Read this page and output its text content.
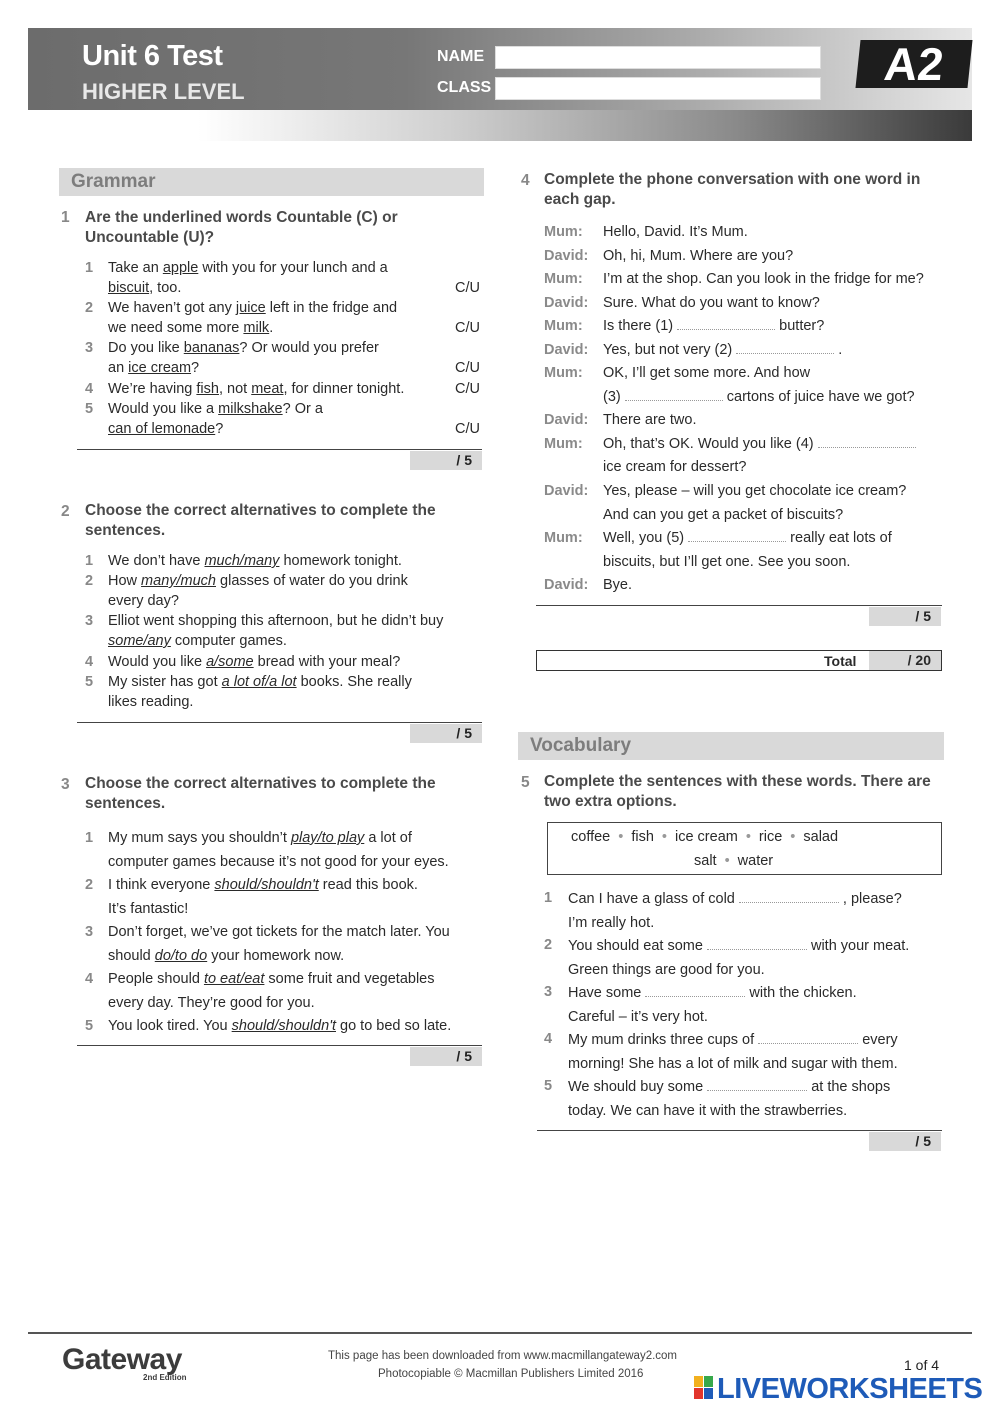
Unit 6 Test
HIGHER LEVEL
NAME
CLASS	A2
Grammar
1 Are the underlined words Countable (C) or Uncountable (U)?
1 Take an apple with you for your lunch and a
biscuit, too.	C/U
2 We haven’t got any juice left in the fridge and
we need some more milk.	C/U
3 Do you like bananas? Or would you prefer
an ice cream?	C/U
4 We’re having fish, not meat, for dinner tonight.	C/U
5 Would you like a milkshake? Or a
can of lemonade?	C/U
/ 5
2 Choose the correct alternatives to complete the sentences.
1 We don’t have much/many homework tonight.
2 How many/much glasses of water do you drink
every day?
3 Elliot went shopping this afternoon, but he didn’t buy
some/any computer games.
4 Would you like a/some bread with your meal?
5 My sister has got a lot of/a lot books. She really
likes reading.
/ 5
3 Choose the correct alternatives to complete the sentences.
1 My mum says you shouldn’t play/to play a lot of
computer games because it’s not good for your eyes.
2 I think everyone should/shouldn't read this book.
It’s fantastic!
3 Don’t forget, we’ve got tickets for the match later. You
should do/to do your homework now.
4 People should to eat/eat some fruit and vegetables
every day. They’re good for you.
5 You look tired. You should/shouldn't go to bed so late.
/ 5
4 Complete the phone conversation with one word in each gap.
Mum: Hello, David. It’s Mum.
David: Oh, hi, Mum. Where are you?
Mum: I’m at the shop. Can you look in the fridge for me?
David: Sure. What do you want to know?
Mum: Is there (1)	butter?
David: Yes, but not very (2)	.
Mum: OK, I’ll get some more. And how
(3)	cartons of juice have we got?
David: There are two.
Mum: Oh, that’s OK. Would you like (4)
ice cream for dessert?
David: Yes, please – will you get chocolate ice cream?
And can you get a packet of biscuits?
Mum: Well, you (5)	really eat lots of
biscuits, but I’ll get one. See you soon.
David: Bye.
/ 5
Total	/ 20
Vocabulary
5 Complete the sentences with these words. There are two extra options.
coffee • fish • ice cream • rice • salad
salt • water
1 Can I have a glass of cold	, please?
I’m really hot.
2 You should eat some	with your meat.
Green things are good for you.
3 Have some	with the chicken.
Careful – it’s very hot.
4 My mum drinks three cups of	every
morning! She has a lot of milk and sugar with them.
5 We should buy some	at the shops
today. We can have it with the strawberries.
/ 5
Gateway
2nd Edition
This page has been downloaded from www.macmillangateway2.com
Photocopiable © Macmillan Publishers Limited 2016
1 of 4
LIVEWORKSHEETS
